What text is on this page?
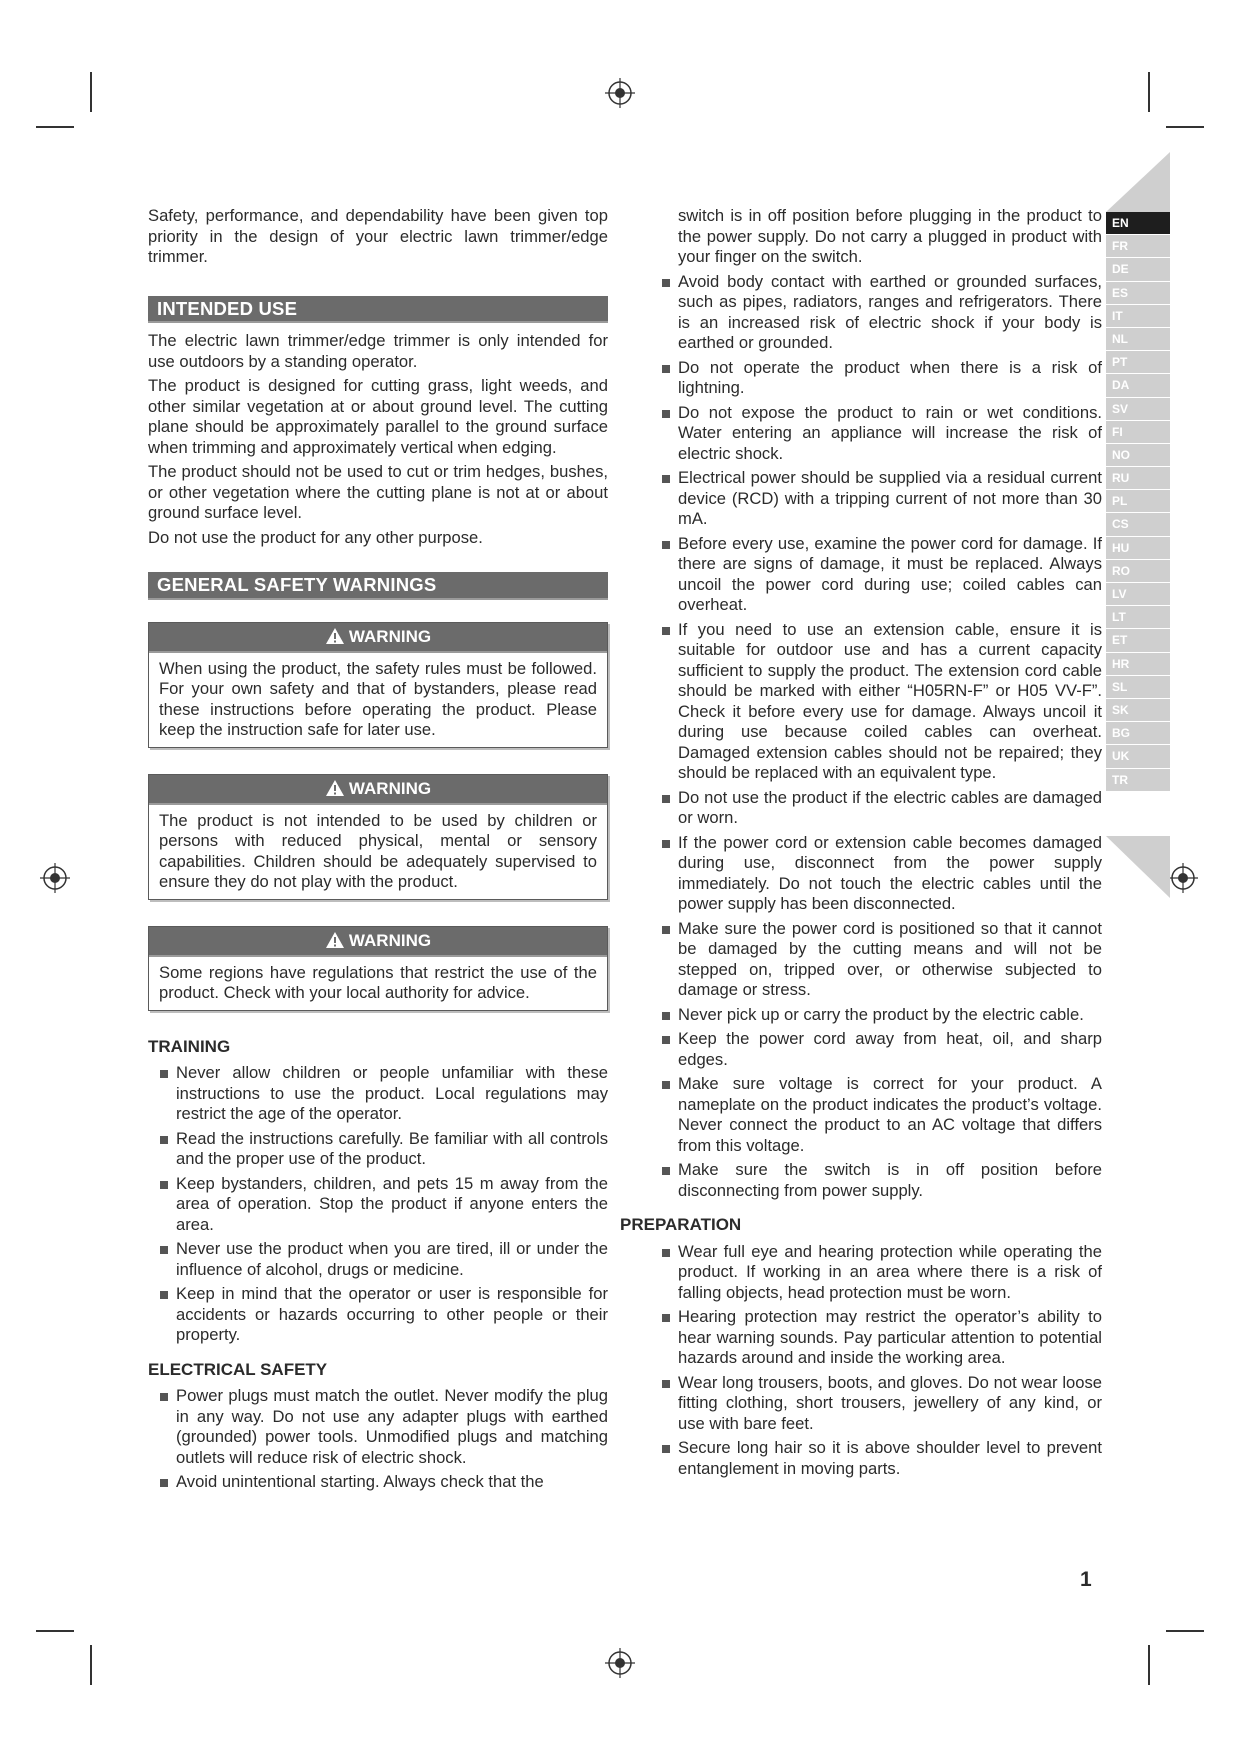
EN
FR
DE
ES
IT
NL
PT
DA
SV
FI
NO
RU
PL
CS
HU
RO
LV
LT
ET
HR
SL
SK
BG
UK
TR

Safety, performance, and dependability have been given top priority in the design of your electric lawn trimmer/edge trimmer.

INTENDED USE

The electric lawn trimmer/edge trimmer is only intended for use outdoors by a standing operator.

The product is designed for cutting grass, light weeds, and other similar vegetation at or about ground level. The cutting plane should be approximately parallel to the ground surface when trimming and approximately vertical when edging.

The product should not be used to cut or trim hedges, bushes, or other vegetation where the cutting plane is not at or about ground surface level.

Do not use the product for any other purpose.

GENERAL SAFETY WARNINGS
WARNING
When using the product, the safety rules must be followed. For your own safety and that of bystanders, please read these instructions before operating the product. Please keep the instruction safe for later use.
WARNING
The product is not intended to be used by children or persons with reduced physical, mental or sensory capabilities. Children should be adequately supervised to ensure they do not play with the product.
WARNING
Some regions have regulations that restrict the use of the product. Check with your local authority for advice.
TRAINING
Never allow children or people unfamiliar with these instructions to use the product. Local regulations may restrict the age of the operator.
Read the instructions carefully. Be familiar with all controls and the proper use of the product.
Keep bystanders, children, and pets 15 m away from the area of operation. Stop the product if anyone enters the area.
Never use the product when you are tired, ill or under the influence of alcohol, drugs or medicine.
Keep in mind that the operator or user is responsible for accidents or hazards occurring to other people or their property.
ELECTRICAL SAFETY
Power plugs must match the outlet. Never modify the plug in any way. Do not use any adapter plugs with earthed (grounded) power tools. Unmodified plugs and matching outlets will reduce risk of electric shock.
Avoid unintentional starting. Always check that the

switch is in off position before plugging in the product to the power supply. Do not carry a plugged in product with your finger on the switch.

Avoid body contact with earthed or grounded surfaces, such as pipes, radiators, ranges and refrigerators. There is an increased risk of electric shock if your body is earthed or grounded.
Do not operate the product when there is a risk of lightning.
Do not expose the product to rain or wet conditions. Water entering an appliance will increase the risk of electric shock.
Electrical power should be supplied via a residual current device (RCD) with a tripping current of not more than 30 mA.
Before every use, examine the power cord for damage. If there are signs of damage, it must be replaced. Always uncoil the power cord during use; coiled cables can overheat.
If you need to use an extension cable, ensure it is suitable for outdoor use and has a current capacity sufficient to supply the product. The extension cord cable should be marked with either “H05RN-F” or H05 VV-F”. Check it before every use for damage. Always uncoil it during use because coiled cables can overheat. Damaged extension cables should not be repaired; they should be replaced with an equivalent type.
Do not use the product if the electric cables are damaged or worn.
If the power cord or extension cable becomes damaged during use, disconnect from the power supply immediately. Do not touch the electric cables until the power supply has been disconnected.
Make sure the power cord is positioned so that it cannot be damaged by the cutting means and will not be stepped on, tripped over, or otherwise subjected to damage or stress.
Never pick up or carry the product by the electric cable.
Keep the power cord away from heat, oil, and sharp edges.
Make sure voltage is correct for your product. A nameplate on the product indicates the product’s voltage. Never connect the product to an AC voltage that differs from this voltage.
Make sure the switch is in off position before disconnecting from power supply.
PREPARATION
Wear full eye and hearing protection while operating the product. If working in an area where there is a risk of falling objects, head protection must be worn.
Hearing protection may restrict the operator’s ability to hear warning sounds. Pay particular attention to potential hazards around and inside the working area.
Wear long trousers, boots, and gloves. Do not wear loose fitting clothing, short trousers, jewellery of any kind, or use with bare feet.
Secure long hair so it is above shoulder level to prevent entanglement in moving parts.
1
